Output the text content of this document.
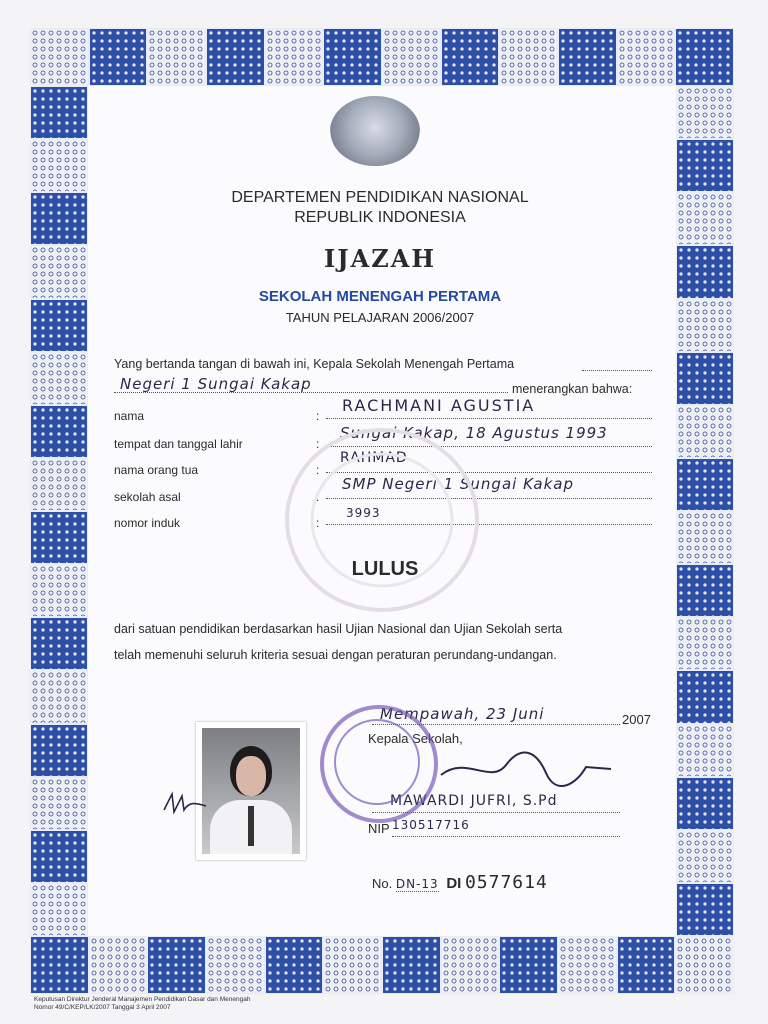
DEPARTEMEN PENDIDIKAN NASIONAL
REPUBLIK INDONESIA
IJAZAH
SEKOLAH MENENGAH PERTAMA
TAHUN PELAJARAN 2006/2007
Yang bertanda tangan di bawah ini, Kepala Sekolah Menengah Pertama
Negeri 1 Sungai Kakap	menerangkan bahwa:
nama	:
RACHMANI AGUSTIA
tempat dan tanggal lahir	:
Sungai Kakap, 18 Agustus 1993
nama orang tua	:
RAHMAD
sekolah asal	:
SMP Negeri 1 Sungai Kakap
nomor induk	:
3993
LULUS
dari satuan pendidikan berdasarkan hasil Ujian Nasional dan Ujian Sekolah serta
telah memenuhi seluruh kriteria sesuai dengan peraturan perundang-undangan.
Mempawah, 23 Juni	2007
Kepala Sekolah,
MAWARDI JUFRI, S.Pd
NIP 130517716
No. DN-13 DI 0577614
Keputusan Direktur Jenderal Manajemen Pendidikan Dasar dan Menengah
Nomor 49/C/KEP/LK/2007 Tanggal 3 April 2007
